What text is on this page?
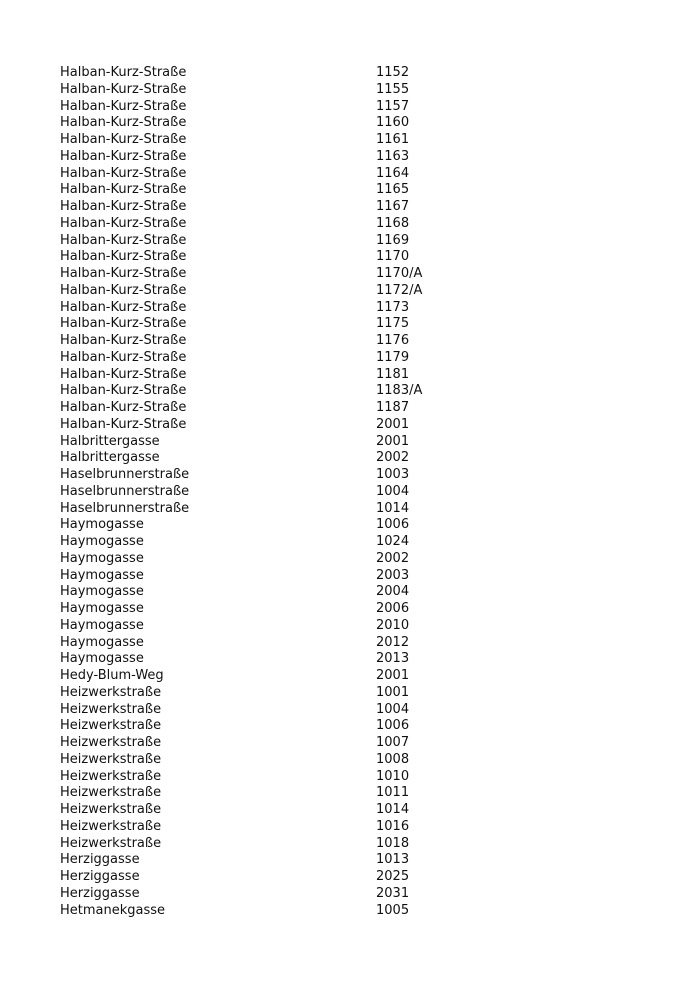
Halban-Kurz-Straße	1152
Halban-Kurz-Straße	1155
Halban-Kurz-Straße	1157
Halban-Kurz-Straße	1160
Halban-Kurz-Straße	1161
Halban-Kurz-Straße	1163
Halban-Kurz-Straße	1164
Halban-Kurz-Straße	1165
Halban-Kurz-Straße	1167
Halban-Kurz-Straße	1168
Halban-Kurz-Straße	1169
Halban-Kurz-Straße	1170
Halban-Kurz-Straße	1170/A
Halban-Kurz-Straße	1172/A
Halban-Kurz-Straße	1173
Halban-Kurz-Straße	1175
Halban-Kurz-Straße	1176
Halban-Kurz-Straße	1179
Halban-Kurz-Straße	1181
Halban-Kurz-Straße	1183/A
Halban-Kurz-Straße	1187
Halban-Kurz-Straße	2001
Halbrittergasse	2001
Halbrittergasse	2002
Haselbrunnerstraße	1003
Haselbrunnerstraße	1004
Haselbrunnerstraße	1014
Haymogasse	1006
Haymogasse	1024
Haymogasse	2002
Haymogasse	2003
Haymogasse	2004
Haymogasse	2006
Haymogasse	2010
Haymogasse	2012
Haymogasse	2013
Hedy-Blum-Weg	2001
Heizwerkstraße	1001
Heizwerkstraße	1004
Heizwerkstraße	1006
Heizwerkstraße	1007
Heizwerkstraße	1008
Heizwerkstraße	1010
Heizwerkstraße	1011
Heizwerkstraße	1014
Heizwerkstraße	1016
Heizwerkstraße	1018
Herziggasse	1013
Herziggasse	2025
Herziggasse	2031
Hetmanekgasse	1005
